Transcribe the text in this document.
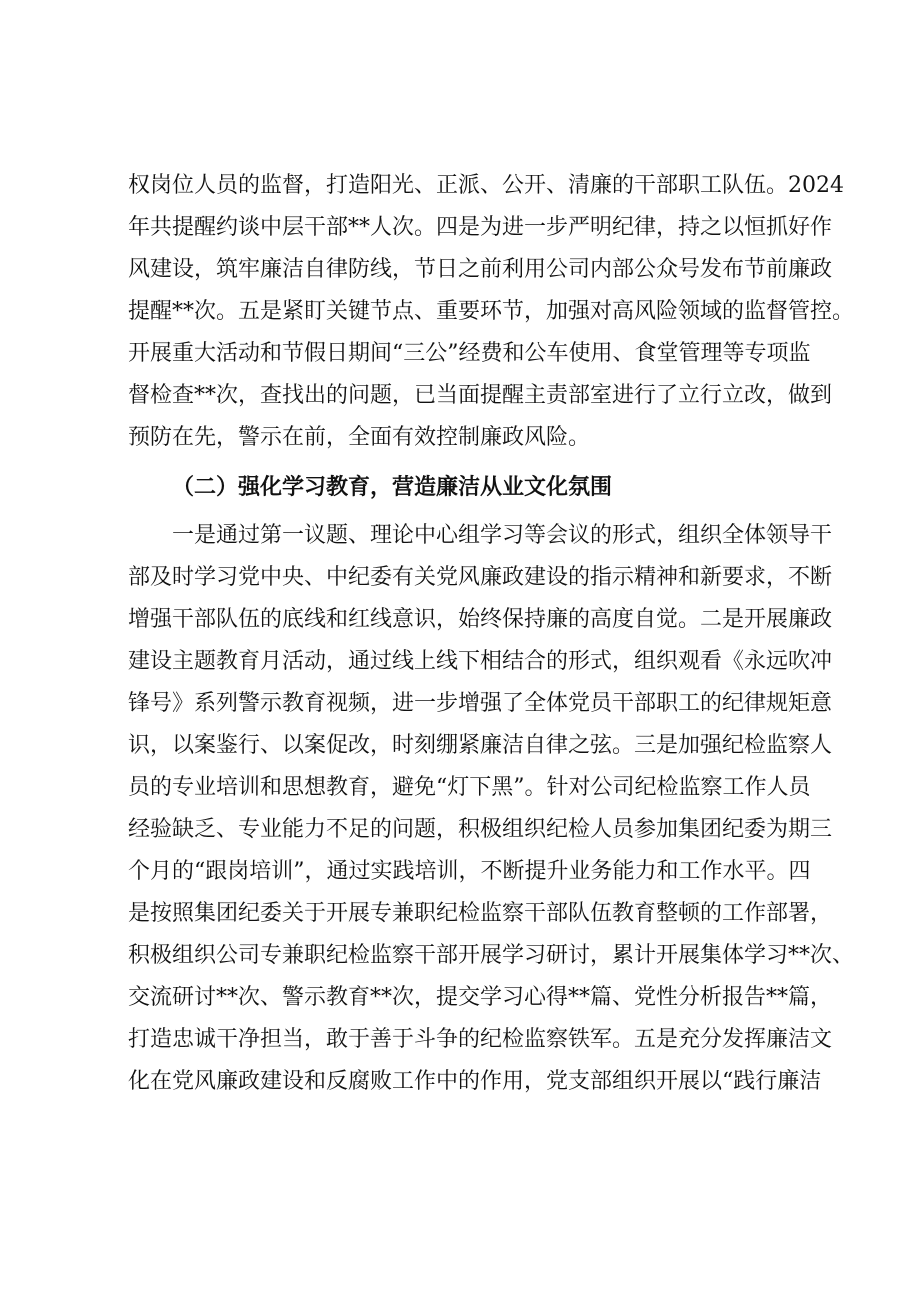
权岗位人员的监督，打造阳光、正派、公开、清廉的干部职工队伍。2024
年共提醒约谈中层干部**人次。四是为进一步严明纪律，持之以恒抓好作
风建设，筑牢廉洁自律防线，节日之前利用公司内部公众号发布节前廉政
提醒**次。五是紧盯关键节点、重要环节，加强对高风险领域的监督管控。
开展重大活动和节假日期间“三公”经费和公车使用、食堂管理等专项监
督检查**次，查找出的问题，已当面提醒主责部室进行了立行立改，做到
预防在先，警示在前，全面有效控制廉政风险。
（二）强化学习教育，营造廉洁从业文化氛围
一是通过第一议题、理论中心组学习等会议的形式，组织全体领导干
部及时学习党中央、中纪委有关党风廉政建设的指示精神和新要求，不断
增强干部队伍的底线和红线意识，始终保持廉的高度自觉。二是开展廉政
建设主题教育月活动，通过线上线下相结合的形式，组织观看《永远吹冲
锋号》系列警示教育视频，进一步增强了全体党员干部职工的纪律规矩意
识，以案鉴行、以案促改，时刻绷紧廉洁自律之弦。三是加强纪检监察人
员的专业培训和思想教育，避免“灯下黑”。针对公司纪检监察工作人员
经验缺乏、专业能力不足的问题，积极组织纪检人员参加集团纪委为期三
个月的“跟岗培训”，通过实践培训，不断提升业务能力和工作水平。四
是按照集团纪委关于开展专兼职纪检监察干部队伍教育整顿的工作部署，
积极组织公司专兼职纪检监察干部开展学习研讨，累计开展集体学习**次、
交流研讨**次、警示教育**次，提交学习心得**篇、党性分析报告**篇，
打造忠诚干净担当，敢于善于斗争的纪检监察铁军。五是充分发挥廉洁文
化在党风廉政建设和反腐败工作中的作用，党支部组织开展以“践行廉洁
